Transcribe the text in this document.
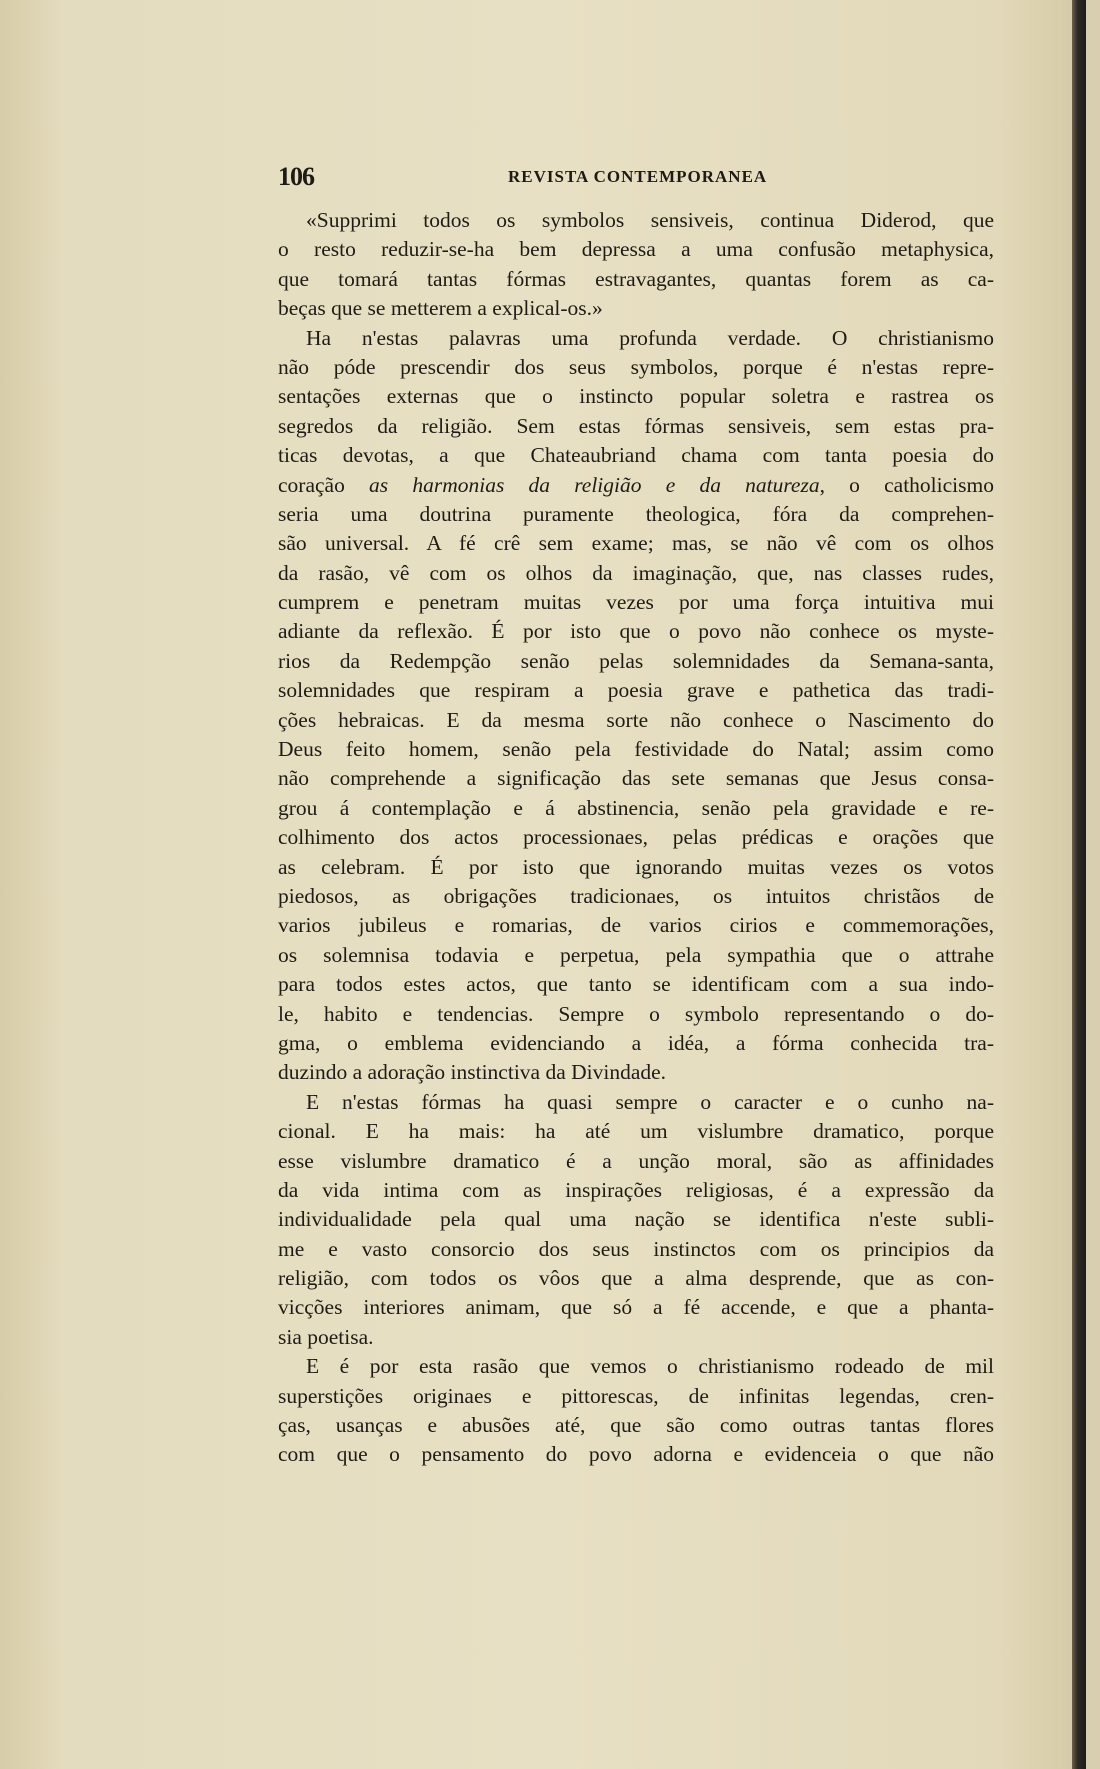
106	REVISTA CONTEMPORANEA
«Supprimi todos os symbolos sensiveis, continua Diderod, que
o resto reduzir-se-ha bem depressa a uma confusão metaphysica,
que tomará tantas fórmas estravagantes, quantas forem as ca-
beças que se metterem a explical-os.»
Ha n'estas palavras uma profunda verdade. O christianismo
não póde prescendir dos seus symbolos, porque é n'estas repre-
sentações externas que o instincto popular soletra e rastrea os
segredos da religião. Sem estas fórmas sensiveis, sem estas pra-
ticas devotas, a que Chateaubriand chama com tanta poesia do
coração as harmonias da religião e da natureza, o catholicismo
seria uma doutrina puramente theologica, fóra da comprehen-
são universal. A fé crê sem exame; mas, se não vê com os olhos
da rasão, vê com os olhos da imaginação, que, nas classes rudes,
cumprem e penetram muitas vezes por uma força intuitiva mui
adiante da reflexão. É por isto que o povo não conhece os myste-
rios da Redempção senão pelas solemnidades da Semana-santa,
solemnidades que respiram a poesia grave e pathetica das tradi-
ções hebraicas. E da mesma sorte não conhece o Nascimento do
Deus feito homem, senão pela festividade do Natal; assim como
não comprehende a significação das sete semanas que Jesus consa-
grou á contemplação e á abstinencia, senão pela gravidade e re-
colhimento dos actos processionaes, pelas prédicas e orações que
as celebram. É por isto que ignorando muitas vezes os votos
piedosos, as obrigações tradicionaes, os intuitos christãos de
varios jubileus e romarias, de varios cirios e commemorações,
os solemnisa todavia e perpetua, pela sympathia que o attrahe
para todos estes actos, que tanto se identificam com a sua indo-
le, habito e tendencias. Sempre o symbolo representando o do-
gma, o emblema evidenciando a idéa, a fórma conhecida tra-
duzindo a adoração instinctiva da Divindade.
E n'estas fórmas ha quasi sempre o caracter e o cunho na-
cional. E ha mais: ha até um vislumbre dramatico, porque
esse vislumbre dramatico é a unção moral, são as affinidades
da vida intima com as inspirações religiosas, é a expressão da
individualidade pela qual uma nação se identifica n'este subli-
me e vasto consorcio dos seus instinctos com os principios da
religião, com todos os vôos que a alma desprende, que as con-
vicções interiores animam, que só a fé accende, e que a phanta-
sia poetisa.
E é por esta rasão que vemos o christianismo rodeado de mil
superstições originaes e pittorescas, de infinitas legendas, cren-
ças, usanças e abusões até, que são como outras tantas flores
com que o pensamento do povo adorna e evidenceia o que não
